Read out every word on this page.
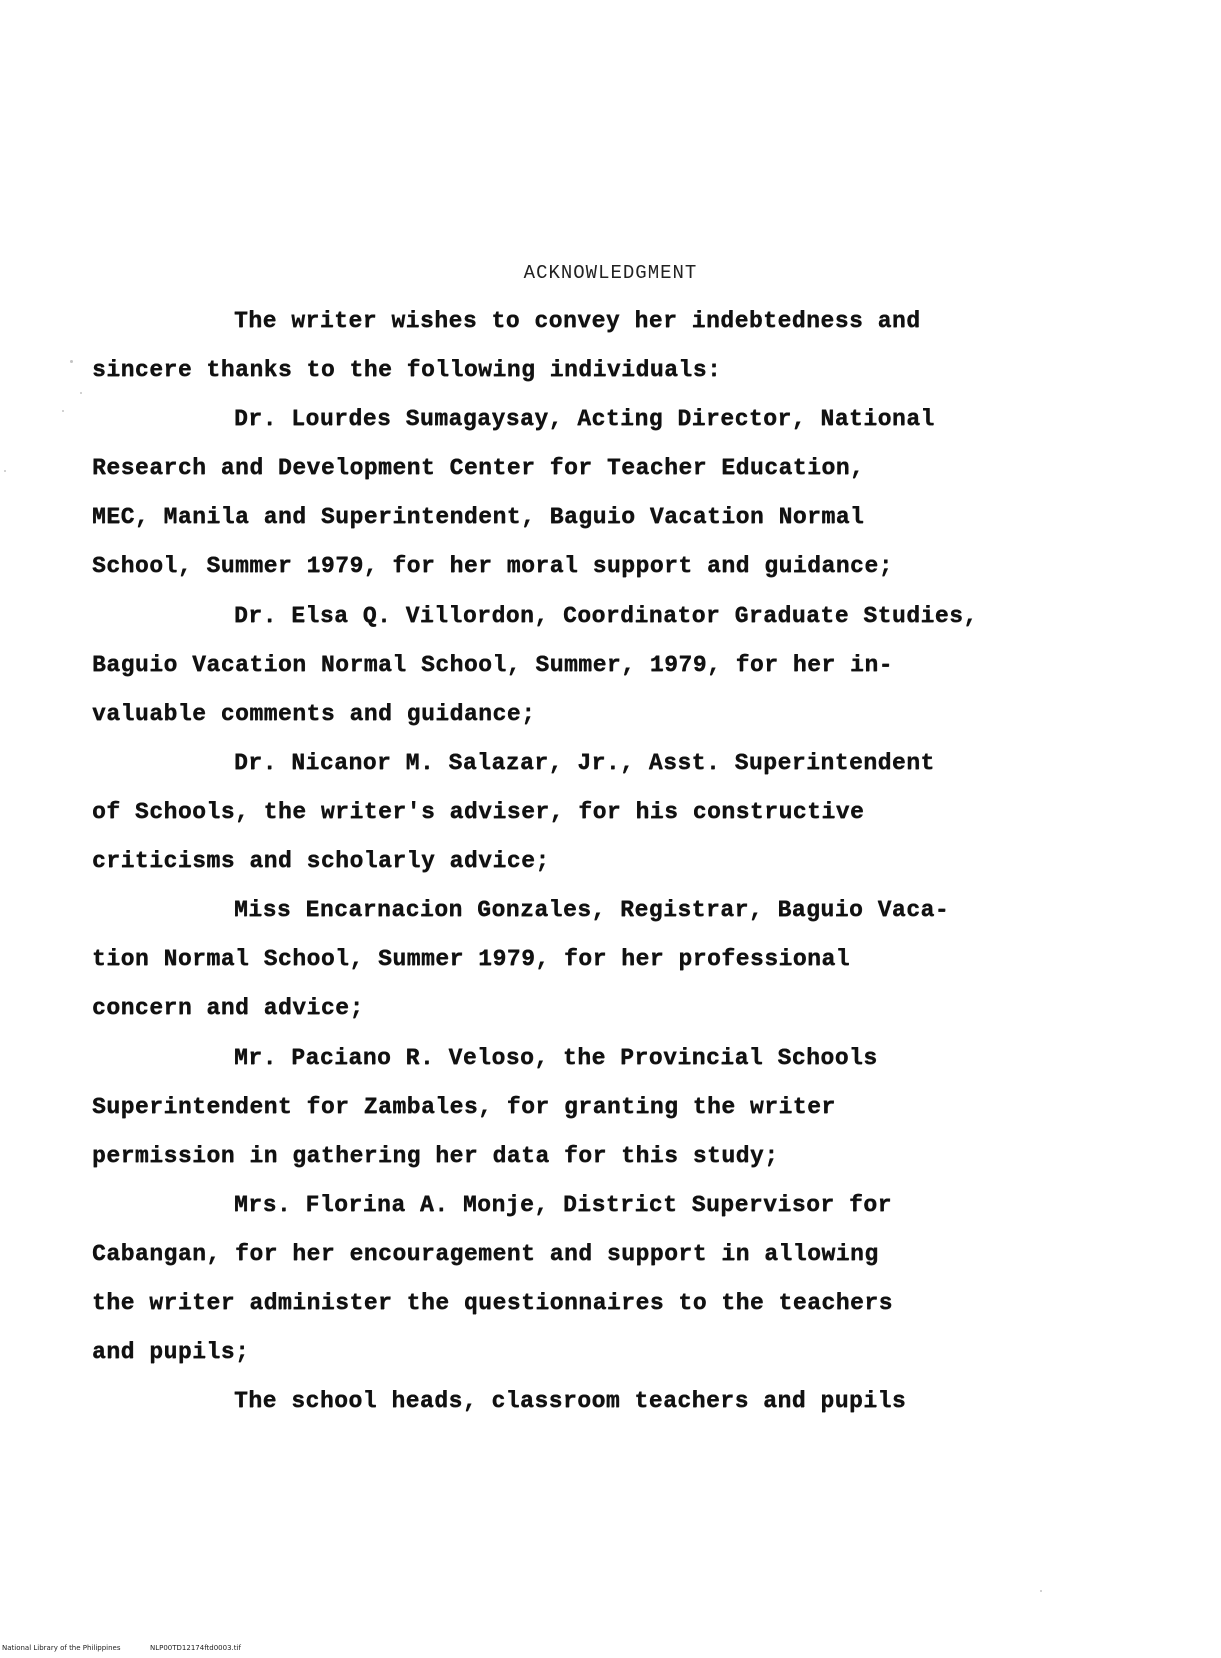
ACKNOWLEDGMENT
The writer wishes to convey her indebtedness and
sincere thanks to the following individuals:
Dr. Lourdes Sumagaysay, Acting Director, National
Research and Development Center for Teacher Education,
MEC, Manila and Superintendent, Baguio Vacation Normal
School, Summer 1979, for her moral support and guidance;
Dr. Elsa Q. Villordon, Coordinator Graduate Studies,
Baguio Vacation Normal School, Summer, 1979, for her in-
valuable comments and guidance;
Dr. Nicanor M. Salazar, Jr., Asst. Superintendent
of Schools, the writer's adviser, for his constructive
criticisms and scholarly advice;
Miss Encarnacion Gonzales, Registrar, Baguio Vaca-
tion Normal School, Summer 1979, for her professional
concern and advice;
Mr. Paciano R. Veloso, the Provincial Schools
Superintendent for Zambales, for granting the writer
permission in gathering her data for this study;
Mrs. Florina A. Monje, District Supervisor for
Cabangan, for her encouragement and support in allowing
the writer administer the questionnaires to the teachers
and pupils;
The school heads, classroom teachers and pupils
National Library of the Philippines	NLP00TD12174ftd0003.tif
